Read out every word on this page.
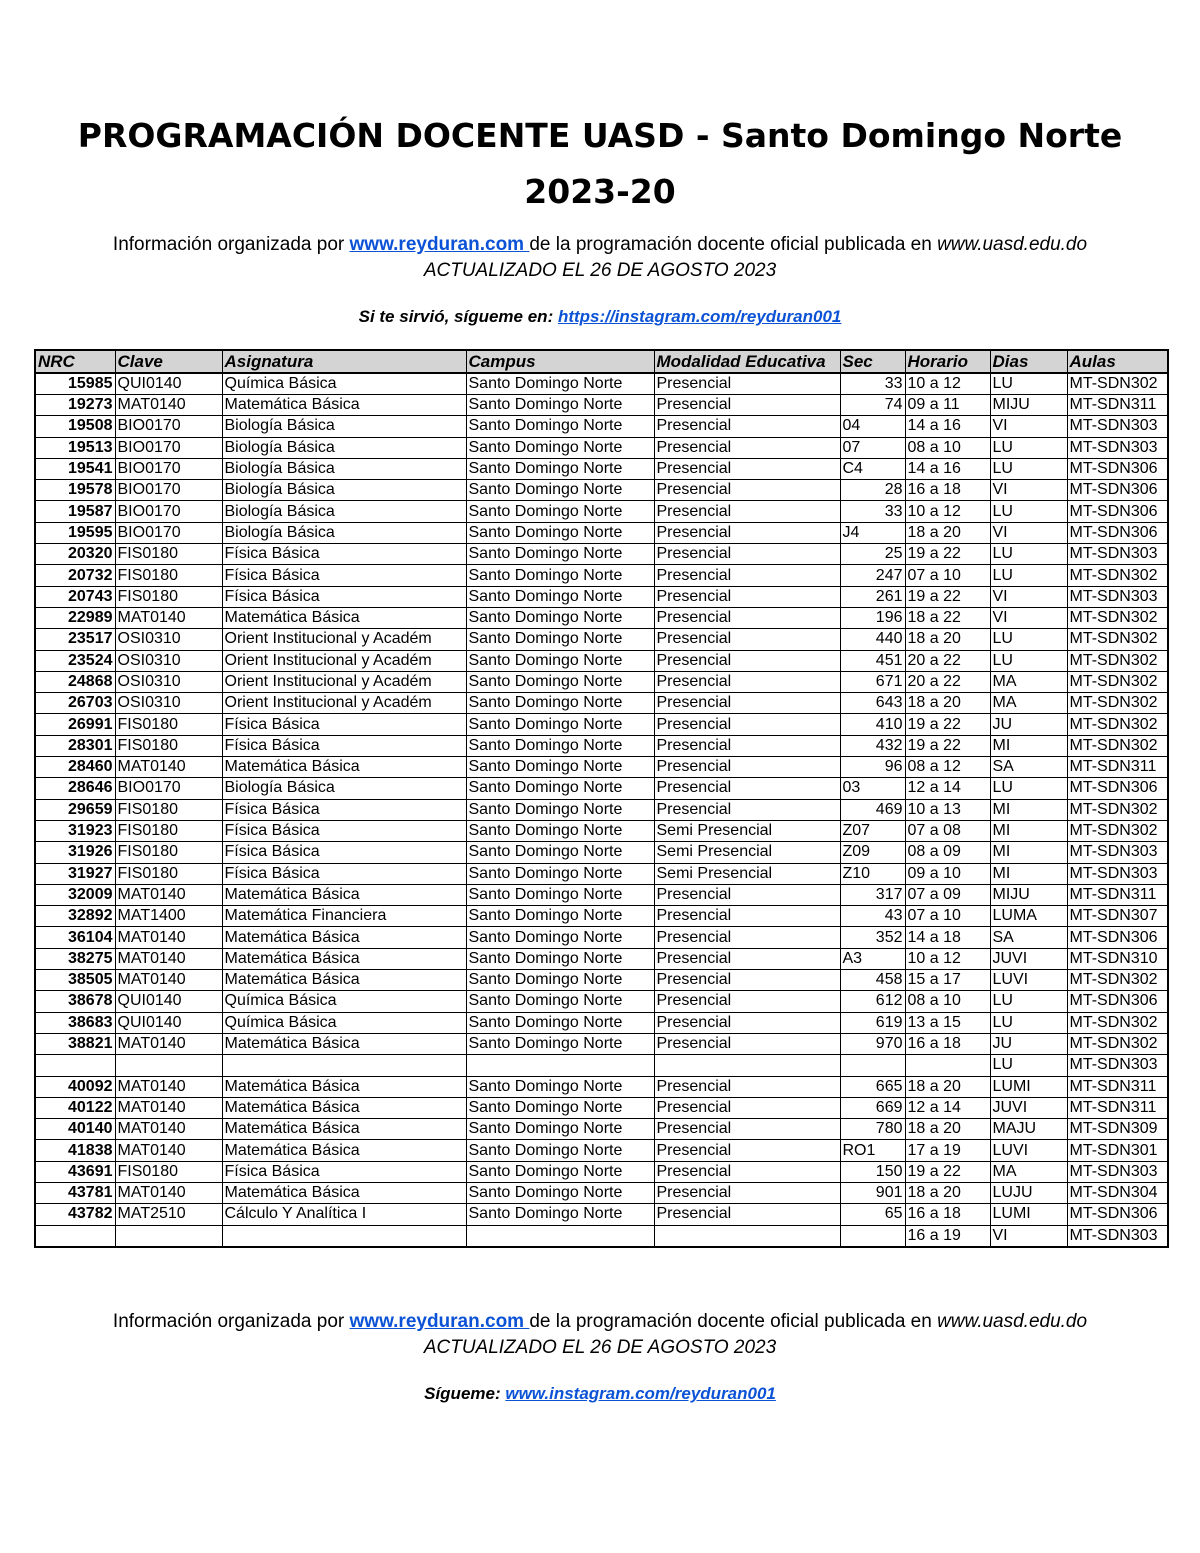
PROGRAMACIÓN DOCENTE UASD - Santo Domingo Norte
2023-20
Información organizada por www.reyduran.com de la programación docente oficial publicada en www.uasd.edu.do
ACTUALIZADO EL 26 DE AGOSTO 2023
Si te sirvió, sígueme en: https://instagram.com/reyduran001
NRC	Clave	Asignatura	Campus	Modalidad Educativa	Sec	Horario	Dias	Aulas
15985	QUI0140	Química Básica	Santo Domingo Norte	Presencial	33	10 a 12	LU	MT-SDN302
19273	MAT0140	Matemática Básica	Santo Domingo Norte	Presencial	74	09 a 11	MIJU	MT-SDN311
19508	BIO0170	Biología Básica	Santo Domingo Norte	Presencial	04	14 a 16	VI	MT-SDN303
19513	BIO0170	Biología Básica	Santo Domingo Norte	Presencial	07	08 a 10	LU	MT-SDN303
19541	BIO0170	Biología Básica	Santo Domingo Norte	Presencial	C4	14 a 16	LU	MT-SDN306
19578	BIO0170	Biología Básica	Santo Domingo Norte	Presencial	28	16 a 18	VI	MT-SDN306
19587	BIO0170	Biología Básica	Santo Domingo Norte	Presencial	33	10 a 12	LU	MT-SDN306
19595	BIO0170	Biología Básica	Santo Domingo Norte	Presencial	J4	18 a 20	VI	MT-SDN306
20320	FIS0180	Física Básica	Santo Domingo Norte	Presencial	25	19 a 22	LU	MT-SDN303
20732	FIS0180	Física Básica	Santo Domingo Norte	Presencial	247	07 a 10	LU	MT-SDN302
20743	FIS0180	Física Básica	Santo Domingo Norte	Presencial	261	19 a 22	VI	MT-SDN303
22989	MAT0140	Matemática Básica	Santo Domingo Norte	Presencial	196	18 a 22	VI	MT-SDN302
23517	OSI0310	Orient Institucional y Académ	Santo Domingo Norte	Presencial	440	18 a 20	LU	MT-SDN302
23524	OSI0310	Orient Institucional y Académ	Santo Domingo Norte	Presencial	451	20 a 22	LU	MT-SDN302
24868	OSI0310	Orient Institucional y Académ	Santo Domingo Norte	Presencial	671	20 a 22	MA	MT-SDN302
26703	OSI0310	Orient Institucional y Académ	Santo Domingo Norte	Presencial	643	18 a 20	MA	MT-SDN302
26991	FIS0180	Física Básica	Santo Domingo Norte	Presencial	410	19 a 22	JU	MT-SDN302
28301	FIS0180	Física Básica	Santo Domingo Norte	Presencial	432	19 a 22	MI	MT-SDN302
28460	MAT0140	Matemática Básica	Santo Domingo Norte	Presencial	96	08 a 12	SA	MT-SDN311
28646	BIO0170	Biología Básica	Santo Domingo Norte	Presencial	03	12 a 14	LU	MT-SDN306
29659	FIS0180	Física Básica	Santo Domingo Norte	Presencial	469	10 a 13	MI	MT-SDN302
31923	FIS0180	Física Básica	Santo Domingo Norte	Semi Presencial	Z07	07 a 08	MI	MT-SDN302
31926	FIS0180	Física Básica	Santo Domingo Norte	Semi Presencial	Z09	08 a 09	MI	MT-SDN303
31927	FIS0180	Física Básica	Santo Domingo Norte	Semi Presencial	Z10	09 a 10	MI	MT-SDN303
32009	MAT0140	Matemática Básica	Santo Domingo Norte	Presencial	317	07 a 09	MIJU	MT-SDN311
32892	MAT1400	Matemática Financiera	Santo Domingo Norte	Presencial	43	07 a 10	LUMA	MT-SDN307
36104	MAT0140	Matemática Básica	Santo Domingo Norte	Presencial	352	14 a 18	SA	MT-SDN306
38275	MAT0140	Matemática Básica	Santo Domingo Norte	Presencial	A3	10 a 12	JUVI	MT-SDN310
38505	MAT0140	Matemática Básica	Santo Domingo Norte	Presencial	458	15 a 17	LUVI	MT-SDN302
38678	QUI0140	Química Básica	Santo Domingo Norte	Presencial	612	08 a 10	LU	MT-SDN306
38683	QUI0140	Química Básica	Santo Domingo Norte	Presencial	619	13 a 15	LU	MT-SDN302
38821	MAT0140	Matemática Básica	Santo Domingo Norte	Presencial	970	16 a 18	JU	MT-SDN302
							LU	MT-SDN303
40092	MAT0140	Matemática Básica	Santo Domingo Norte	Presencial	665	18 a 20	LUMI	MT-SDN311
40122	MAT0140	Matemática Básica	Santo Domingo Norte	Presencial	669	12 a 14	JUVI	MT-SDN311
40140	MAT0140	Matemática Básica	Santo Domingo Norte	Presencial	780	18 a 20	MAJU	MT-SDN309
41838	MAT0140	Matemática Básica	Santo Domingo Norte	Presencial	RO1	17 a 19	LUVI	MT-SDN301
43691	FIS0180	Física Básica	Santo Domingo Norte	Presencial	150	19 a 22	MA	MT-SDN303
43781	MAT0140	Matemática Básica	Santo Domingo Norte	Presencial	901	18 a 20	LUJU	MT-SDN304
43782	MAT2510	Cálculo Y Analítica I	Santo Domingo Norte	Presencial	65	16 a 18	LUMI	MT-SDN306
						16 a 19	VI	MT-SDN303
Información organizada por www.reyduran.com de la programación docente oficial publicada en www.uasd.edu.do
ACTUALIZADO EL 26 DE AGOSTO 2023
Sígueme: www.instagram.com/reyduran001
